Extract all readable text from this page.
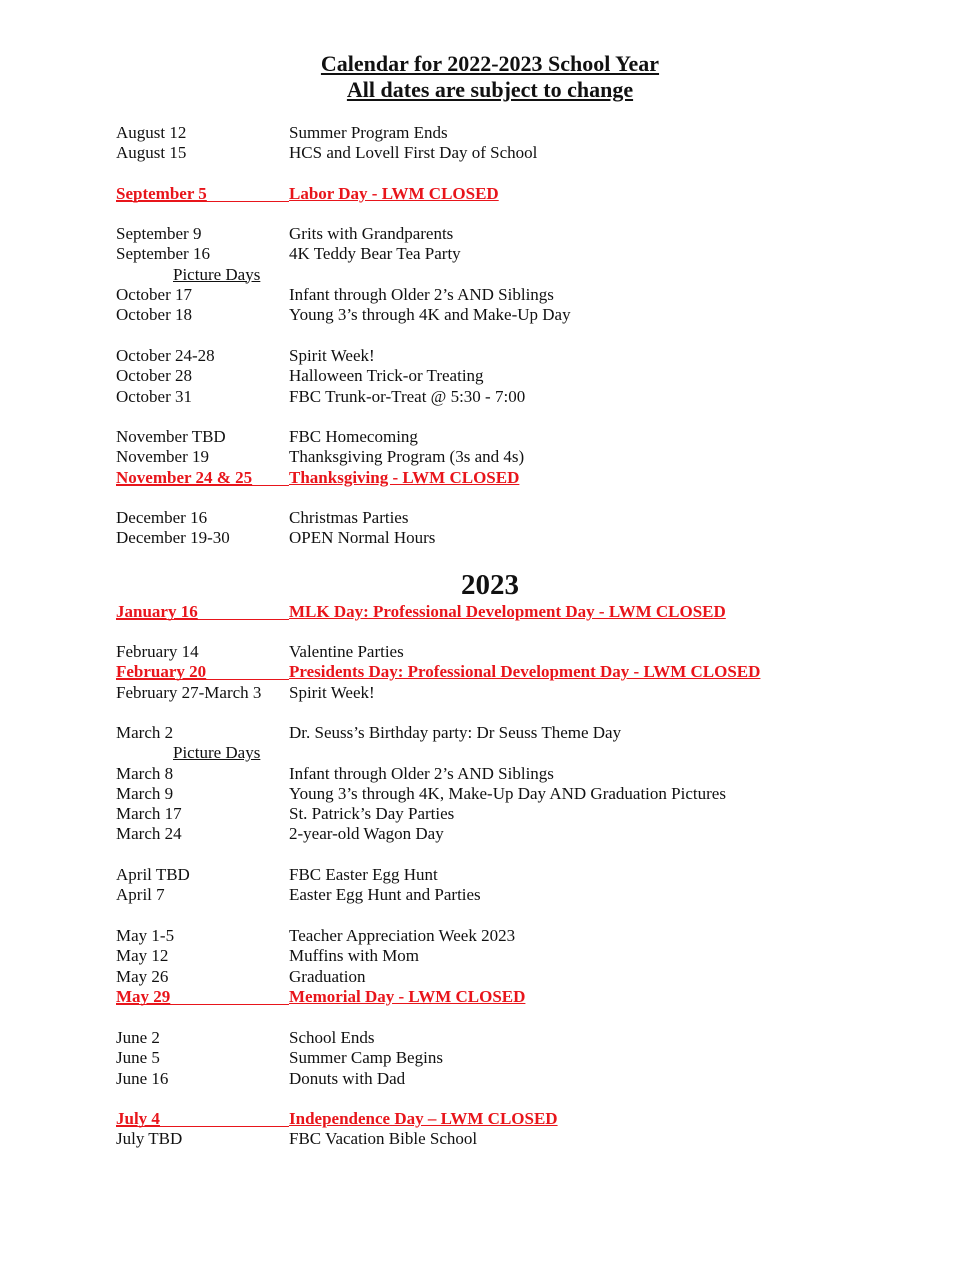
Calendar for 2022-2023 School Year
All dates are subject to change
2023
August 12	Summer Program Ends
August 15	HCS and Lovell First Day of School
September 5	Labor Day - LWM CLOSED
September 9	Grits with Grandparents
September 16	4K Teddy Bear Tea Party
Picture Days
October 17	Infant through Older 2’s AND Siblings
October 18	Young 3’s through 4K and Make-Up Day
October 24-28	Spirit Week!
October 28	Halloween Trick-or Treating
October 31	FBC Trunk-or-Treat @ 5:30 - 7:00
November TBD	FBC Homecoming
November 19	Thanksgiving Program (3s and 4s)
November 24 & 25 Thanksgiving - LWM CLOSED
December 16	Christmas Parties
December 19-30	OPEN Normal Hours
January 16	MLK Day: Professional Development Day - LWM CLOSED
February 14	Valentine Parties
February 20	Presidents Day: Professional Development Day - LWM CLOSED
February 27-March 3 Spirit Week!
March 2	Dr. Seuss’s Birthday party: Dr Seuss Theme Day
Picture Days
March 8	Infant through Older 2’s AND Siblings
March 9	Young 3’s through 4K, Make-Up Day AND Graduation Pictures
March 17	St. Patrick’s Day Parties
March 24	2-year-old Wagon Day
April TBD	FBC Easter Egg Hunt
April 7	Easter Egg Hunt and Parties
May 1-5	Teacher Appreciation Week 2023
May 12	Muffins with Mom
May 26	Graduation
May 29	Memorial Day - LWM CLOSED
June 2	School Ends
June 5	Summer Camp Begins
June 16	Donuts with Dad
July 4	Independence Day – LWM CLOSED
July TBD	FBC Vacation Bible School
